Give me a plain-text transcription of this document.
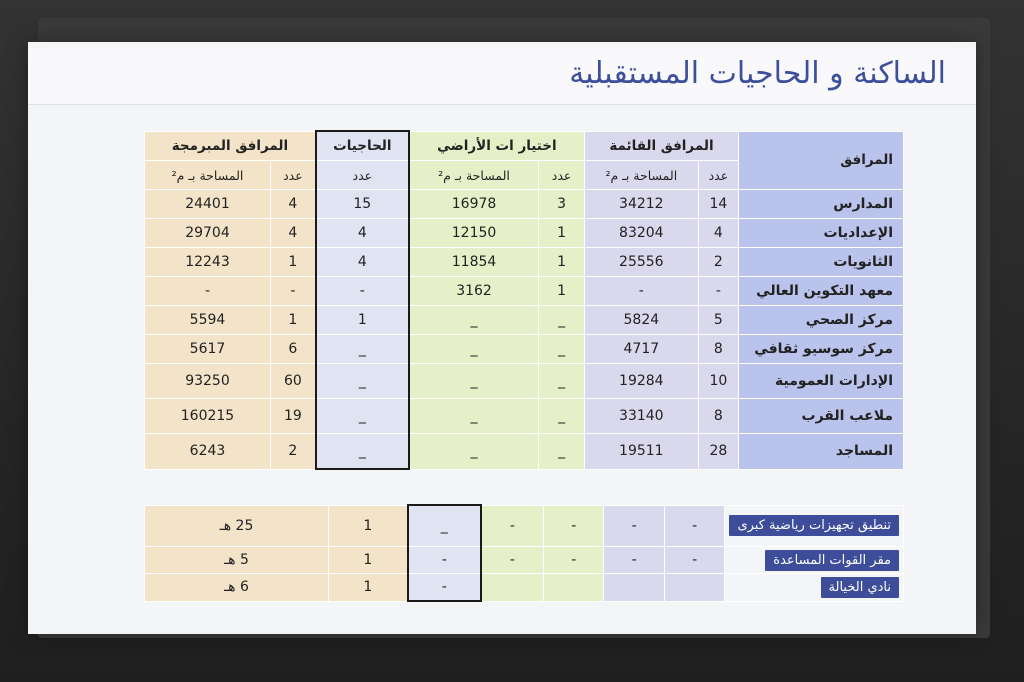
الساكنة و الحاجيات المستقبلية
المرافق	المرافق القائمة		اختيار ات الأراضي		الحاجيات	المرافق المبرمجة	
	عدد	المساحة بـ م²	عدد	المساحة بـ م²	عدد	عدد	المساحة بـ م²
المدارس	14	34212	3	16978	15	4	24401
الإعداديات	4	83204	1	12150	4	4	29704
الثانويات	2	25556	1	11854	4	1	12243
معهد التكوين العالي	-	-	1	3162	-	-	-
مركز الصحي	5	5824	_	_	1	1	5594
مركز سوسيو ثقافي	8	4717	_	_	_	6	5617
الإدارات العمومية	10	19284	_	_	_	60	93250
ملاعب القرب	8	33140	_	_	_	19	160215
المساجد	28	19511	_	_	_	2	6243
تنطيق تجهيزات رياضية كبرى	-	-	-	-	_	1	25 هـ
مقر القوات المساعدة	-	-	-	-	-	1	5 هـ
نادي الخيالة					-	1	6 هـ
